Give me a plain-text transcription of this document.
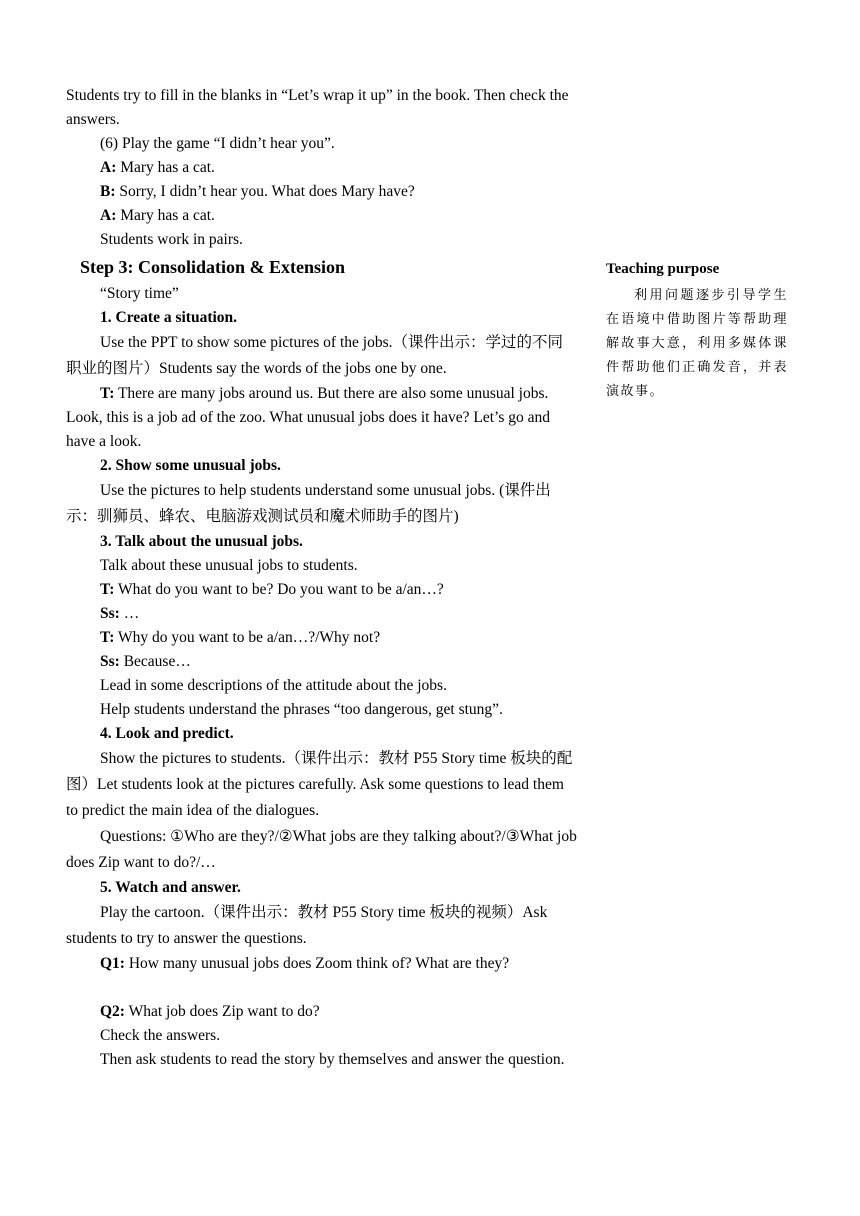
Students try to fill in the blanks in “Let’s wrap it up” in the book. Then check the answers.

(6) Play the game “I didn’t hear you”.

A: Mary has a cat.

B: Sorry, I didn’t hear you. What does Mary have?

A: Mary has a cat.

Students work in pairs.

Step 3: Consolidation & Extension

“Story time”

1. Create a situation.

Use the PPT to show some pictures of the jobs.（课件出示：学过的不同职业的图片）Students say the words of the jobs one by one.

T: There are many jobs around us. But there are also some unusual jobs. Look, this is a job ad of the zoo. What unusual jobs does it have? Let’s go and have a look.

2. Show some unusual jobs.

Use the pictures to help students understand some unusual jobs. (课件出示：驯狮员、蜂农、电脑游戏测试员和魔术师助手的图片)

3. Talk about the unusual jobs.

Talk about these unusual jobs to students.

T: What do you want to be? Do you want to be a/an…?

Ss: …

T: Why do you want to be a/an…?/Why not?

Ss: Because…

Lead in some descriptions of the attitude about the jobs.

Help students understand the phrases “too dangerous, get stung”.

4. Look and predict.

Show the pictures to students.（课件出示：教材 P55 Story time 板块的配图）Let students look at the pictures carefully. Ask some questions to lead them to predict the main idea of the dialogues.

Questions: ①Who are they?/②What jobs are they talking about?/③What job does Zip want to do?/…

5. Watch and answer.

Play the cartoon.（课件出示：教材 P55 Story time 板块的视频）Ask students to try to answer the questions.

Q1: How many unusual jobs does Zoom think of? What are they?

Q2: What job does Zip want to do?

Check the answers.

Then ask students to read the story by themselves and answer the question.

Teaching purpose

利用问题逐步引导学生在语境中借助图片等帮助理解故事大意，利用多媒体课件帮助他们正确发音，并表演故事。
